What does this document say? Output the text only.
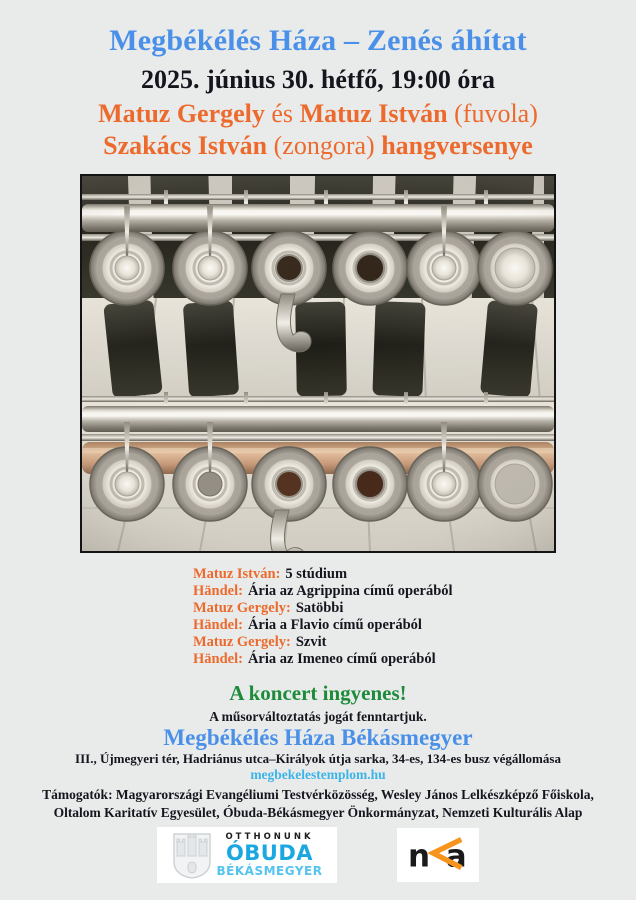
Megbékélés Háza – Zenés áhítat
2025. június 30. hétfő, 19:00 óra
Matuz Gergely és Matuz István (fuvola)
Szakács István (zongora) hangversenye
Matuz István: 5 stúdium
Händel: Ária az Agrippina című operából
Matuz Gergely: Satöbbi
Händel: Ária a Flavio című operából
Matuz Gergely: Szvit
Händel: Ária az Imeneo című operából
A koncert ingyenes!
A műsorváltoztatás jogát fenntartjuk.
Megbékélés Háza Békásmegyer
III., Újmegyeri tér, Hadriánus utca–Királyok útja sarka, 34-es, 134-es busz végállomása
megbekelestemplom.hu
Támogatók: Magyarországi Evangéliumi Testvérközösség, Wesley János Lelkészképző Főiskola, Oltalom Karitatív Egyesület, Óbuda-Békásmegyer Önkormányzat, Nemzeti Kulturális Alap
OTTHONUNK
ÓBUDA
BÉKÁSMEGYER	n a
